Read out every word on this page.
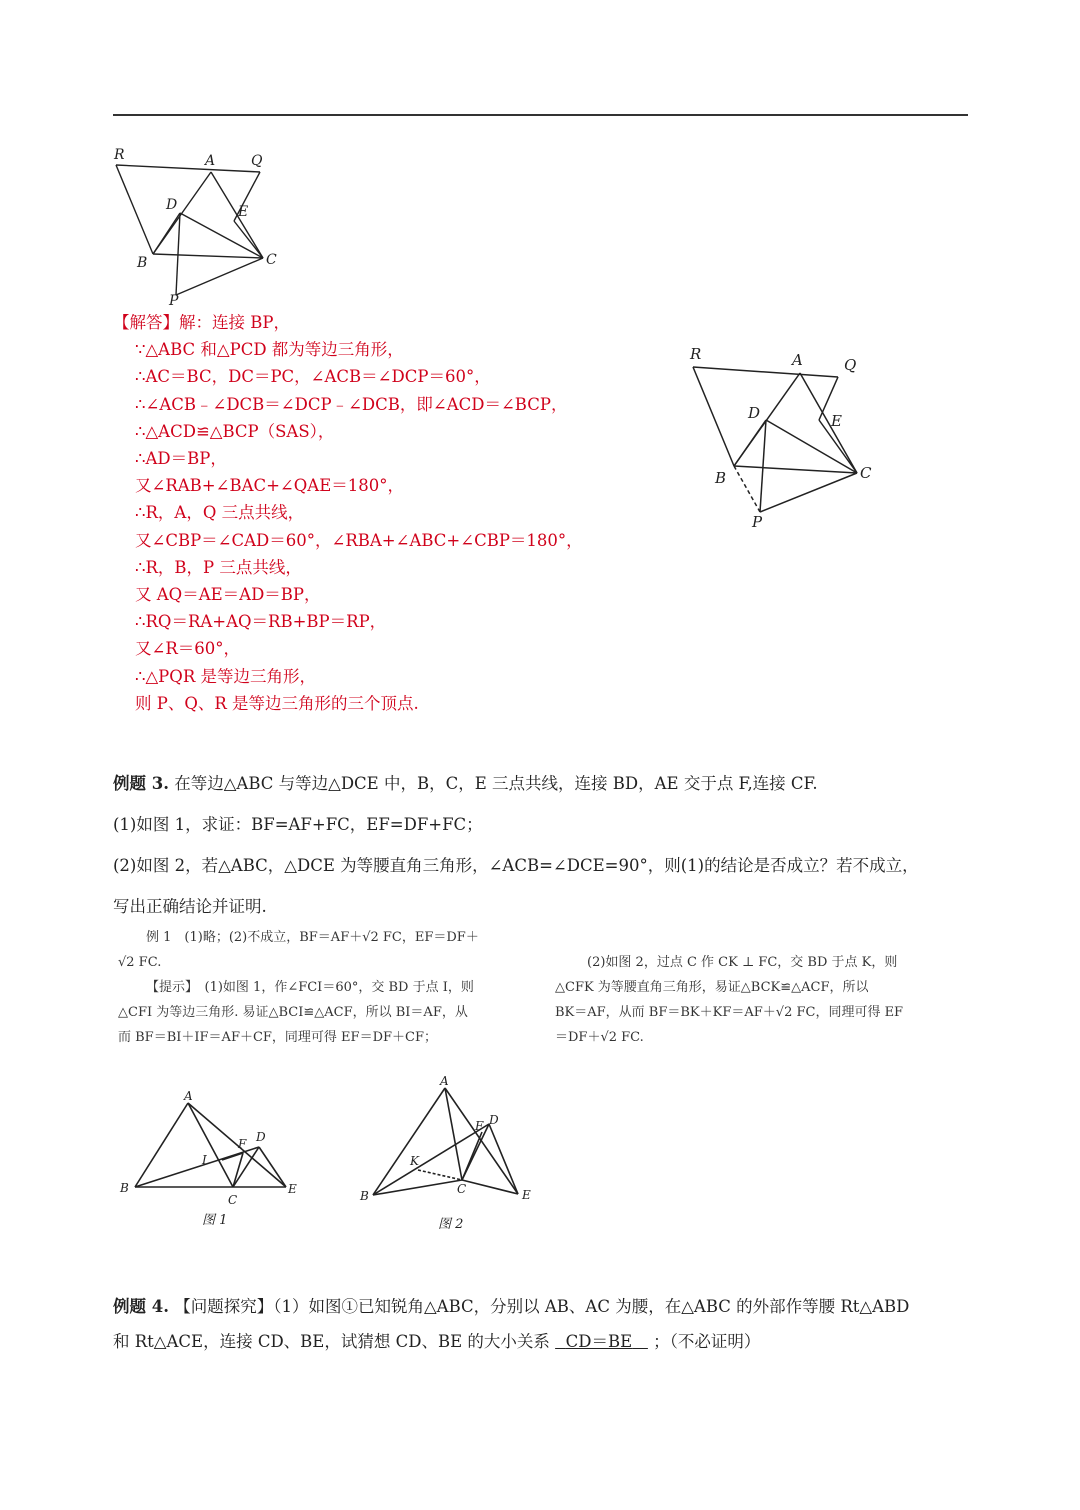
R	A	Q
D	E
B	C
P
【解答】解：连接 BP，
∵△ABC 和△PCD 都为等边三角形，
∴AC＝BC，DC＝PC，∠ACB＝∠DCP＝60°，
∴∠ACB﹣∠DCB＝∠DCP﹣∠DCB，即∠ACD＝∠BCP，
∴△ACD≌△BCP（SAS），
∴AD＝BP，
又∠RAB+∠BAC+∠QAE＝180°，
∴R，A，Q 三点共线，
又∠CBP＝∠CAD＝60°，∠RBA+∠ABC+∠CBP＝180°，
∴R，B，P 三点共线，
又 AQ＝AE＝AD＝BP，
∴RQ＝RA+AQ＝RB+BP＝RP，
又∠R＝60°，
∴△PQR 是等边三角形，
则 P、Q、R 是等边三角形的三个顶点.
R	A	Q
D	E
B	C
P
例题 3. 在等边△ABC 与等边△DCE 中，B，C，E 三点共线，连接 BD，AE 交于点 F,连接 CF.
(1)如图 1，求证：BF=AF+FC，EF=DF+FC；
(2)如图 2，若△ABC，△DCE 为等腰直角三角形，∠ACB=∠DCE=90°，则(1)的结论是否成立？若不成立，
写出正确结论并证明.
例 1　(1)略；(2)不成立，BF＝AF＋√2 FC，EF＝DF＋
√2 FC.
【提示】　(1)如图 1，作∠FCI＝60°，交 BD 于点 I，则
△CFI 为等边三角形. 易证△BCI≌△ACF，所以 BI＝AF，从
而 BF＝BI＋IF＝AF＋CF，同理可得 EF＝DF＋CF；
(2)如图 2，过点 C 作 CK ⊥ FC，交 BD 于点 K，则
△CFK 为等腰直角三角形，易证△BCK≌△ACF，所以
BK＝AF，从而 BF＝BK＋KF＝AF＋√2 FC，同理可得 EF
＝DF＋√2 FC.
A
B
C
D
E
F
I
图 1
A
B	C
D
E
F
K
图 2
例题 4. 【问题探究】（1）如图①已知锐角△ABC，分别以 AB、AC 为腰，在△ABC 的外部作等腰 Rt△ABD
和 Rt△ACE，连接 CD、BE，试猜想 CD、BE 的大小关系 CD＝BE ；（不必证明）
